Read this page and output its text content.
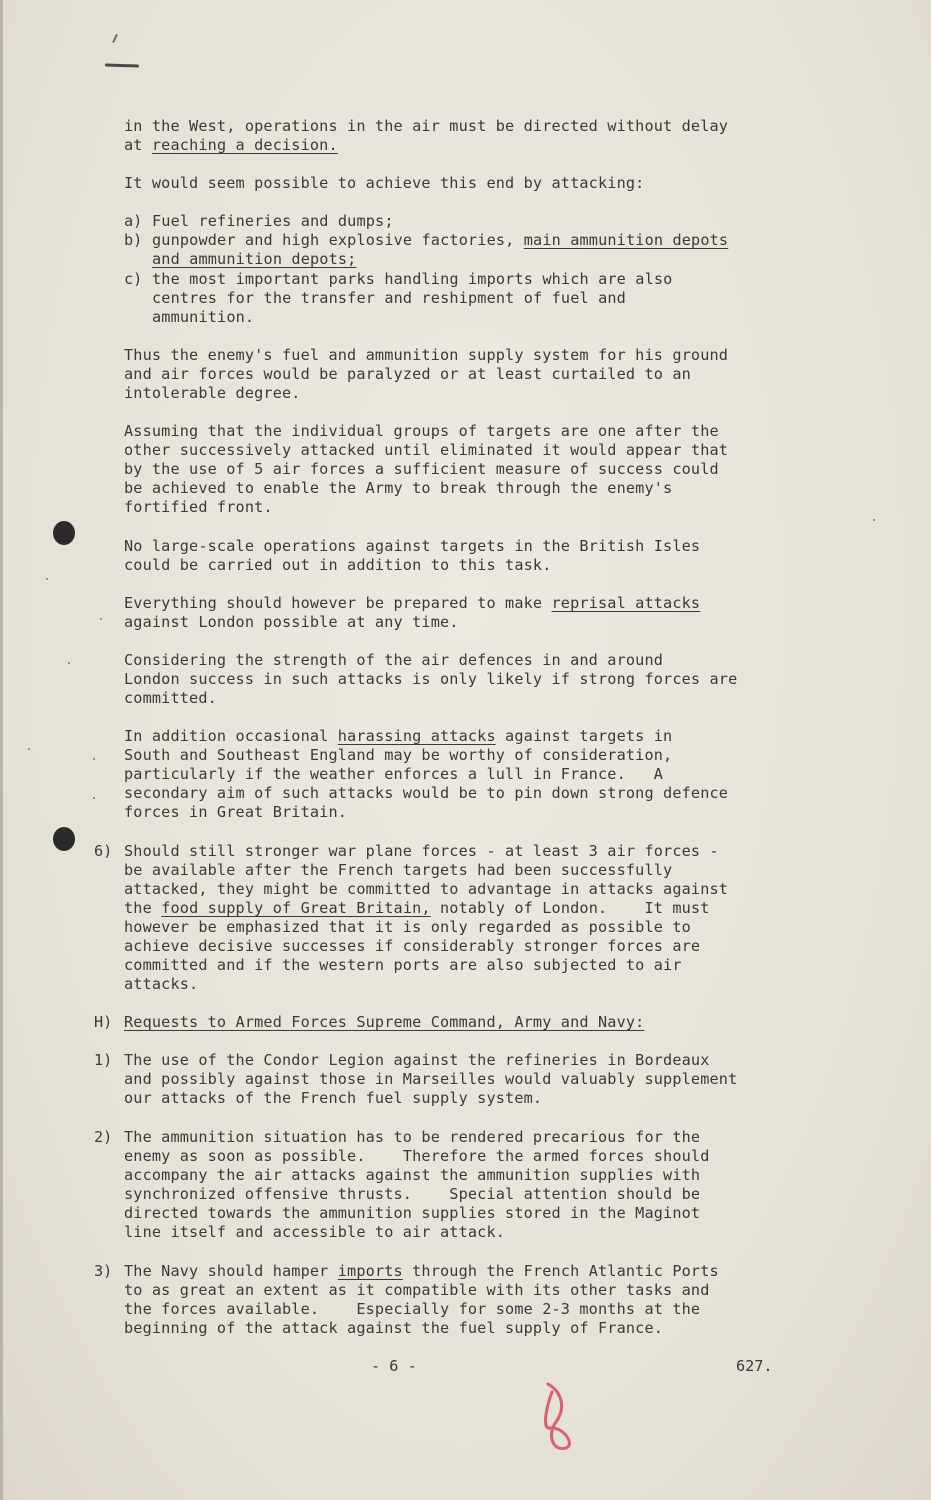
in the West, operations in the air must be directed without delay
at reaching a decision.
It would seem possible to achieve this end by attacking:
a) Fuel refineries and dumps;
b) gunpowder and high explosive factories, main ammunition depots
and ammunition depots;
c) the most important parks handling imports which are also
centres for the transfer and reshipment of fuel and
ammunition.
Thus the enemy's fuel and ammunition supply system for his ground
and air forces would be paralyzed or at least curtailed to an
intolerable degree.
Assuming that the individual groups of targets are one after the
other successively attacked until eliminated it would appear that
by the use of 5 air forces a sufficient measure of success could
be achieved to enable the Army to break through the enemy's
fortified front.
No large-scale operations against targets in the British Isles
could be carried out in addition to this task.
Everything should however be prepared to make reprisal attacks
against London possible at any time.
Considering the strength of the air defences in and around
London success in such attacks is only likely if strong forces are
committed.
In addition occasional harassing attacks against targets in
South and Southeast England may be worthy of consideration,
particularly if the weather enforces a lull in France.   A
secondary aim of such attacks would be to pin down strong defence
forces in Great Britain.
6) Should still stronger war plane forces - at least 3 air forces -
be available after the French targets had been successfully
attacked, they might be committed to advantage in attacks against
the food supply of Great Britain, notably of London.    It must
however be emphasized that it is only regarded as possible to
achieve decisive successes if considerably stronger forces are
committed and if the western ports are also subjected to air
attacks.
H) Requests to Armed Forces Supreme Command, Army and Navy:
1) The use of the Condor Legion against the refineries in Bordeaux
and possibly against those in Marseilles would valuably supplement
our attacks of the French fuel supply system.
2) The ammunition situation has to be rendered precarious for the
enemy as soon as possible.    Therefore the armed forces should
accompany the air attacks against the ammunition supplies with
synchronized offensive thrusts.    Special attention should be
directed towards the ammunition supplies stored in the Maginot
line itself and accessible to air attack.
3) The Navy should hamper imports through the French Atlantic Ports
to as great an extent as it compatible with its other tasks and
the forces available.    Especially for some 2-3 months at the
beginning of the attack against the fuel supply of France.
- 6 -	627.
